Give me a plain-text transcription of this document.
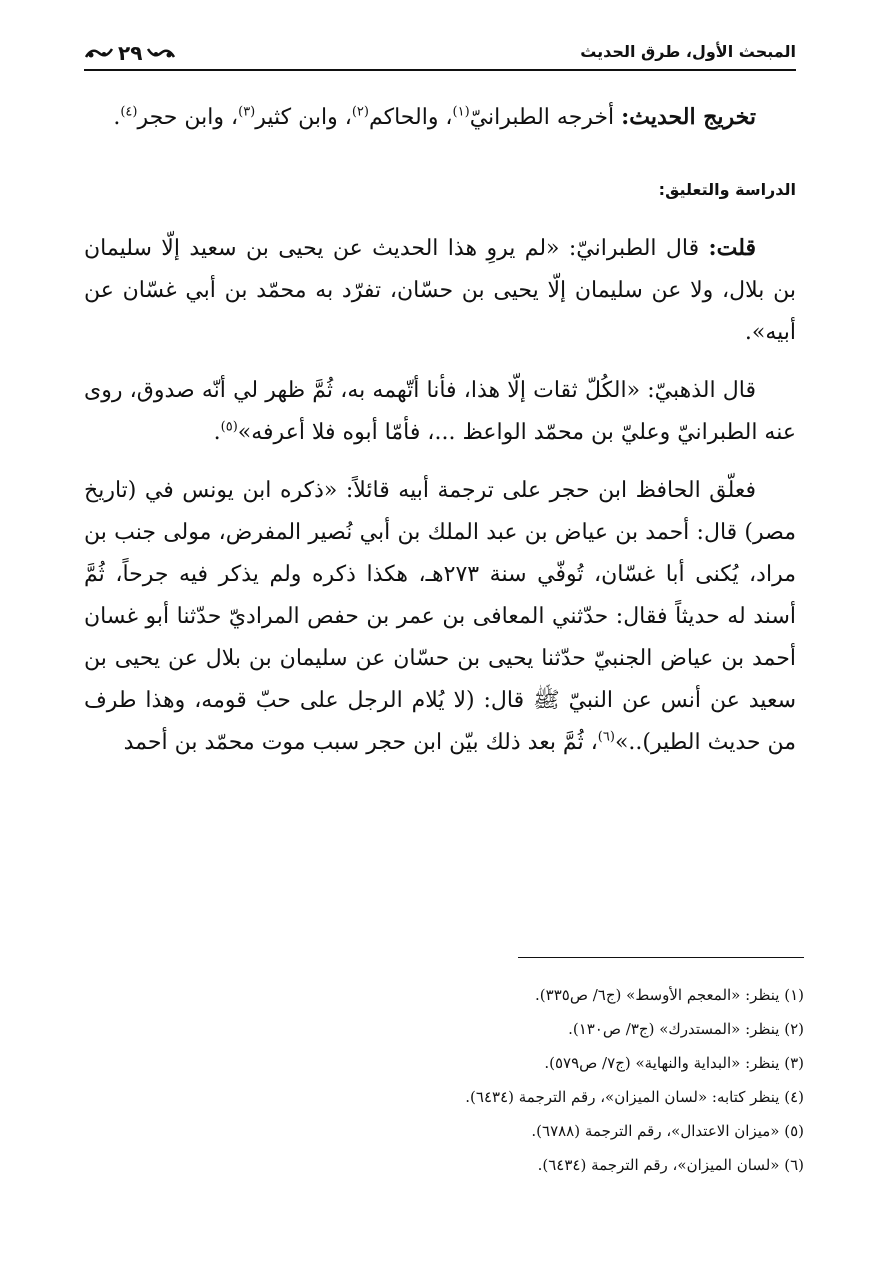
المبحث الأول، طرق الحديث
٢٩

تخريج الحديث: أخرجه الطبرانيّ$^{(١)}$، والحاكم$^{(٢)}$، وابن كثير$^{(٣)}$، وابن حجر$^{(٤)}$.

الدراسة والتعليق:

قلت: قال الطبرانيّ: «لم يروِ هذا الحديث عن يحيى بن سعيد إلّا سليمان بن بلال، ولا عن سليمان إلّا يحيى بن حسّان، تفرّد به محمّد بن أبي غسّان عن أبيه».

قال الذهبيّ: «الكُلّ ثقات إلّا هذا، فأنا أتّهمه به، ثُمَّ ظهر لي أنّه صدوق، روى عنه الطبرانيّ وعليّ بن محمّد الواعظ ...، فأمّا أبوه فلا أعرفه»$^{(٥)}$.

فعلّق الحافظ ابن حجر على ترجمة أبيه قائلاً: «ذكره ابن يونس في (تاريخ مصر) قال: أحمد بن عياض بن عبد الملك بن أبي نُصير المفرض، مولى جنب بن مراد، يُكنى أبا غسّان، تُوفّي سنة ٢٧٣هـ، هكذا ذكره ولم يذكر فيه جرحاً، ثُمَّ أسند له حديثاً فقال: حدّثني المعافى بن عمر بن حفص المراديّ حدّثنا أبو غسان أحمد بن عياض الجنبيّ حدّثنا يحيى بن حسّان عن سليمان بن بلال عن يحيى بن سعيد عن أنس عن النبيّ ﷺ قال: (لا يُلام الرجل على حبّ قومه، وهذا طرف من حديث الطير)..»$^{(٦)}$، ثُمَّ بعد ذلك بيّن ابن حجر سبب موت محمّد بن أحمد

(١) ينظر: «المعجم الأوسط» (ج٦/ ص٣٣٥).
(٢) ينظر: «المستدرك» (ج٣/ ص١٣٠).
(٣) ينظر: «البداية والنهاية» (ج٧/ ص٥٧٩).
(٤) ينظر كتابه: «لسان الميزان»، رقم الترجمة (٦٤٣٤).
(٥) «ميزان الاعتدال»، رقم الترجمة (٦٧٨٨).
(٦) «لسان الميزان»، رقم الترجمة (٦٤٣٤).
